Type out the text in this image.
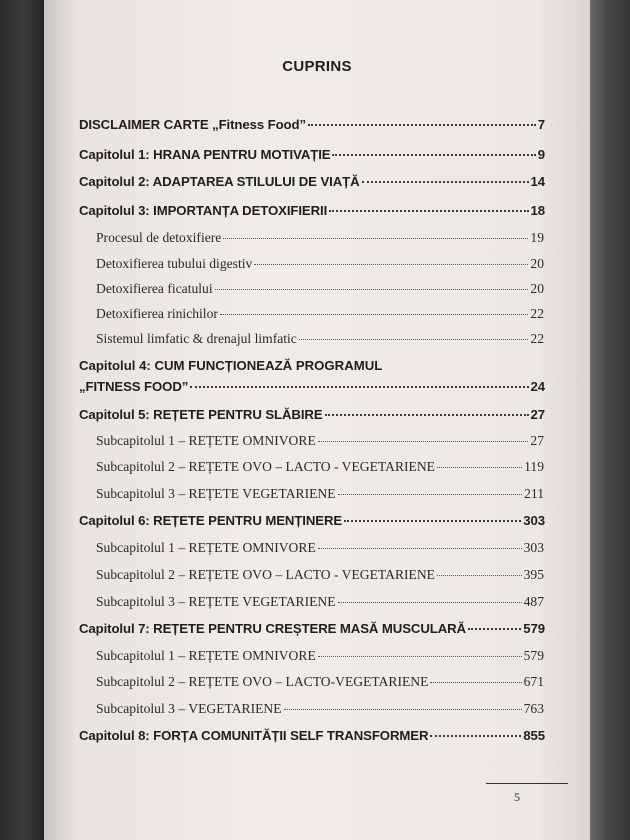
CUPRINS
DISCLAIMER CARTE „Fitness Food”	7
Capitolul 1: HRANA PENTRU MOTIVAȚIE	9
Capitolul 2: ADAPTAREA STILULUI DE VIAȚĂ	14
Capitolul 3: IMPORTANȚA DETOXIFIERII	18
Procesul de detoxifiere	19
Detoxifierea tubului digestiv	20
Detoxifierea ficatului	20
Detoxifierea rinichilor	22
Sistemul limfatic & drenajul limfatic	22
Capitolul 4: CUM FUNCȚIONEAZĂ PROGRAMUL
„FITNESS FOOD”	24
Capitolul 5: REȚETE PENTRU SLĂBIRE	27
Subcapitolul 1 – REȚETE OMNIVORE	27
Subcapitolul 2 – REȚETE OVO – LACTO - VEGETARIENE	119
Subcapitolul 3 – REȚETE VEGETARIENE	211
Capitolul 6: REȚETE PENTRU MENȚINERE	303
Subcapitolul 1 – REȚETE OMNIVORE	303
Subcapitolul 2 – REȚETE OVO – LACTO - VEGETARIENE	395
Subcapitolul 3 – REȚETE VEGETARIENE	487
Capitolul 7: REȚETE PENTRU CREȘTERE MASĂ MUSCULARĂ	579
Subcapitolul 1 – REȚETE OMNIVORE	579
Subcapitolul 2 – REȚETE OVO – LACTO-VEGETARIENE	671
Subcapitolul 3 – VEGETARIENE	763
Capitolul 8: FORȚA COMUNITĂȚII SELF TRANSFORMER	855
5
